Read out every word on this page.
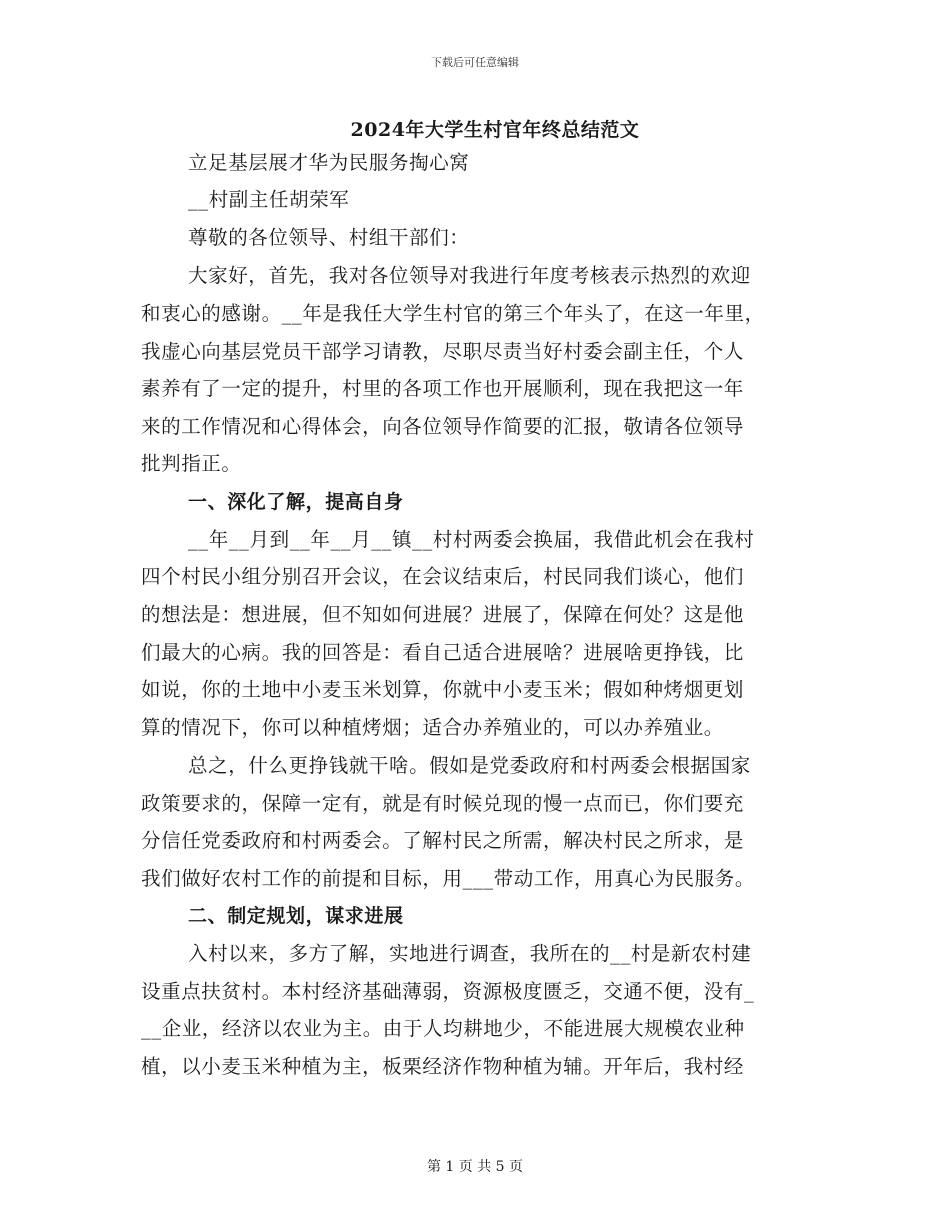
下载后可任意编辑
2024年大学生村官年终总结范文
立足基层展才华为民服务掏心窝
__村副主任胡荣军
尊敬的各位领导、村组干部们：
大家好，首先，我对各位领导对我进行年度考核表示热烈的欢迎
和衷心的感谢。__年是我任大学生村官的第三个年头了，在这一年里，
我虚心向基层党员干部学习请教，尽职尽责当好村委会副主任，个人
素养有了一定的提升，村里的各项工作也开展顺利，现在我把这一年
来的工作情况和心得体会，向各位领导作简要的汇报，敬请各位领导
批判指正。
一、深化了解，提高自身
__年__月到__年__月__镇__村村两委会换届，我借此机会在我村
四个村民小组分别召开会议，在会议结束后，村民同我们谈心，他们
的想法是：想进展，但不知如何进展？进展了，保障在何处？这是他
们最大的心病。我的回答是：看自己适合进展啥？进展啥更挣钱，比
如说，你的土地中小麦玉米划算，你就中小麦玉米；假如种烤烟更划
算的情况下，你可以种植烤烟；适合办养殖业的，可以办养殖业。
总之，什么更挣钱就干啥。假如是党委政府和村两委会根据国家
政策要求的，保障一定有，就是有时候兑现的慢一点而已，你们要充
分信任党委政府和村两委会。了解村民之所需，解决村民之所求，是
我们做好农村工作的前提和目标，用___带动工作，用真心为民服务。
二、制定规划，谋求进展
入村以来，多方了解，实地进行调查，我所在的__村是新农村建
设重点扶贫村。本村经济基础薄弱，资源极度匮乏，交通不便，没有_
__企业，经济以农业为主。由于人均耕地少，不能进展大规模农业种
植，以小麦玉米种植为主，板栗经济作物种植为辅。开年后，我村经
第 1 页 共 5 页
